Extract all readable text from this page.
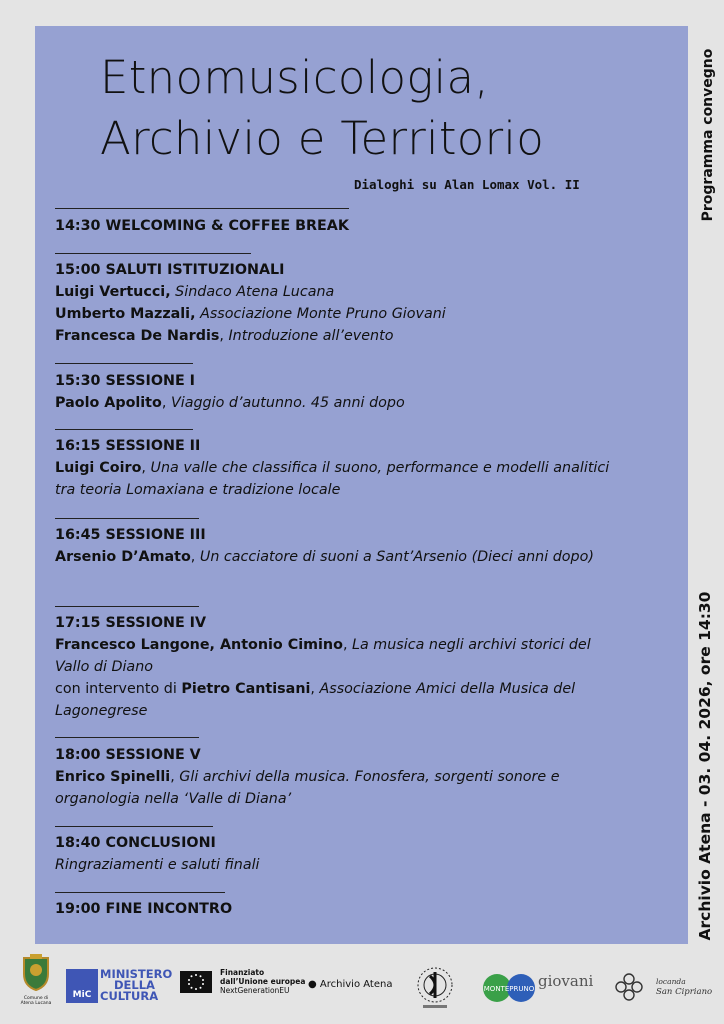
Etnomusicologia,
Archivio e Territorio
Dialoghi su Alan Lomax Vol. II	Programma convegno
Archivio Atena - 03. 04. 2026, ore 14:30
14:30 WELCOMING & COFFEE BREAK
15:00 SALUTI ISTITUZIONALI
Luigi Vertucci, Sindaco Atena Lucana
Umberto Mazzali, Associazione Monte Pruno Giovani
Francesca De Nardis, Introduzione all’evento
15:30 SESSIONE I
Paolo Apolito, Viaggio d’autunno. 45 anni dopo
16:15 SESSIONE II
Luigi Coiro, Una valle che classifica il suono, performance e modelli analitici tra teoria Lomaxiana e tradizione locale
16:45 SESSIONE III
Arsenio D’Amato, Un cacciatore di suoni a Sant’Arsenio (Dieci anni dopo)
17:15 SESSIONE IV
Francesco Langone, Antonio Cimino, La musica negli archivi storici del Vallo di Diano
con intervento di Pietro Cantisani, Associazione Amici della Musica del Lagonegrese
18:00 SESSIONE V
Enrico Spinelli, Gli archivi della musica. Fonosfera, sorgenti sonore e organologia nella ‘Valle di Diana’
18:40 CONCLUSIONI
Ringraziamenti e saluti finali
19:00 FINE INCONTRO
Comune di Atena Lucana
MiC
MINISTERO
DELLA
CULTURA
Finanziato
dall’Unione europea
NextGenerationEU
● Archivio Atena	MONTEPRUNO giovani	locanda
San Cipriano
